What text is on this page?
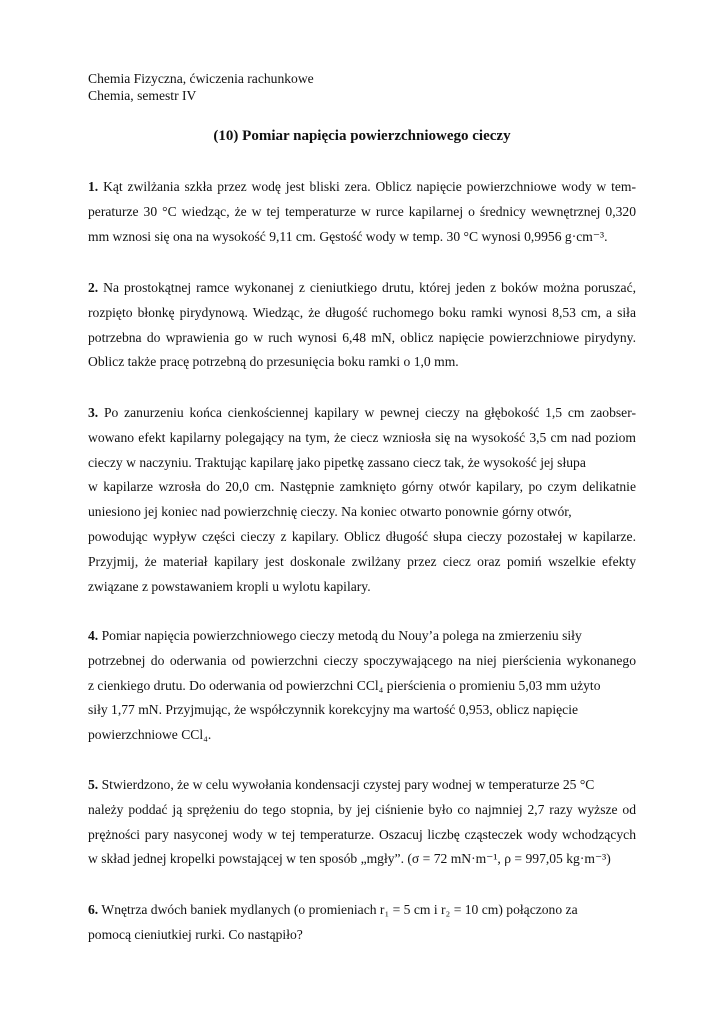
Chemia Fizyczna, ćwiczenia rachunkowe
Chemia, semestr IV
(10) Pomiar napięcia powierzchniowego cieczy
1. Kąt zwilżania szkła przez wodę jest bliski zera. Oblicz napięcie powierzchniowe wody w tem-
peraturze 30 °C wiedząc, że w tej temperaturze w rurce kapilarnej o średnicy wewnętrznej 0,320
mm wznosi się ona na wysokość 9,11 cm. Gęstość wody w temp. 30 °C wynosi 0,9956 g·cm⁻³.
2. Na prostokątnej ramce wykonanej z cieniutkiego drutu, której jeden z boków można poruszać,
rozpięto błonkę pirydynową. Wiedząc, że długość ruchomego boku ramki wynosi 8,53 cm, a siła
potrzebna do wprawienia go w ruch wynosi 6,48 mN, oblicz napięcie powierzchniowe pirydyny.
Oblicz także pracę potrzebną do przesunięcia boku ramki o 1,0 mm.
3. Po zanurzeniu końca cienkościennej kapilary w pewnej cieczy na głębokość 1,5 cm zaobser-
wowano efekt kapilarny polegający na tym, że ciecz wzniosła się na wysokość 3,5 cm nad poziom
cieczy w naczyniu. Traktując kapilarę jako pipetkę zassano ciecz tak, że wysokość jej słupa
w kapilarze wzrosła do 20,0 cm. Następnie zamknięto górny otwór kapilary, po czym delikatnie
uniesiono jej koniec nad powierzchnię cieczy. Na koniec otwarto ponownie górny otwór,
powodując wypływ części cieczy z kapilary. Oblicz długość słupa cieczy pozostałej w kapilarze.
Przyjmij, że materiał kapilary jest doskonale zwilżany przez ciecz oraz pomiń wszelkie efekty
związane z powstawaniem kropli u wylotu kapilary.
4. Pomiar napięcia powierzchniowego cieczy metodą du Nouy’a polega na zmierzeniu siły
potrzebnej do oderwania od powierzchni cieczy spoczywającego na niej pierścienia wykonanego
z cienkiego drutu. Do oderwania od powierzchni CCl₄ pierścienia o promieniu 5,03 mm użyto
siły 1,77 mN. Przyjmując, że współczynnik korekcyjny ma wartość 0,953, oblicz napięcie
powierzchniowe CCl₄.
5. Stwierdzono, że w celu wywołania kondensacji czystej pary wodnej w temperaturze 25 °C
należy poddać ją sprężeniu do tego stopnia, by jej ciśnienie było co najmniej 2,7 razy wyższe od
prężności pary nasyconej wody w tej temperaturze. Oszacuj liczbę cząsteczek wody wchodzących
w skład jednej kropelki powstającej w ten sposób „mgły”. (σ = 72 mN·m⁻¹, ρ = 997,05 kg·m⁻³)
6. Wnętrza dwóch baniek mydlanych (o promieniach r₁ = 5 cm i r₂ = 10 cm) połączono za
pomocą cieniutkiej rurki. Co nastąpiło?
